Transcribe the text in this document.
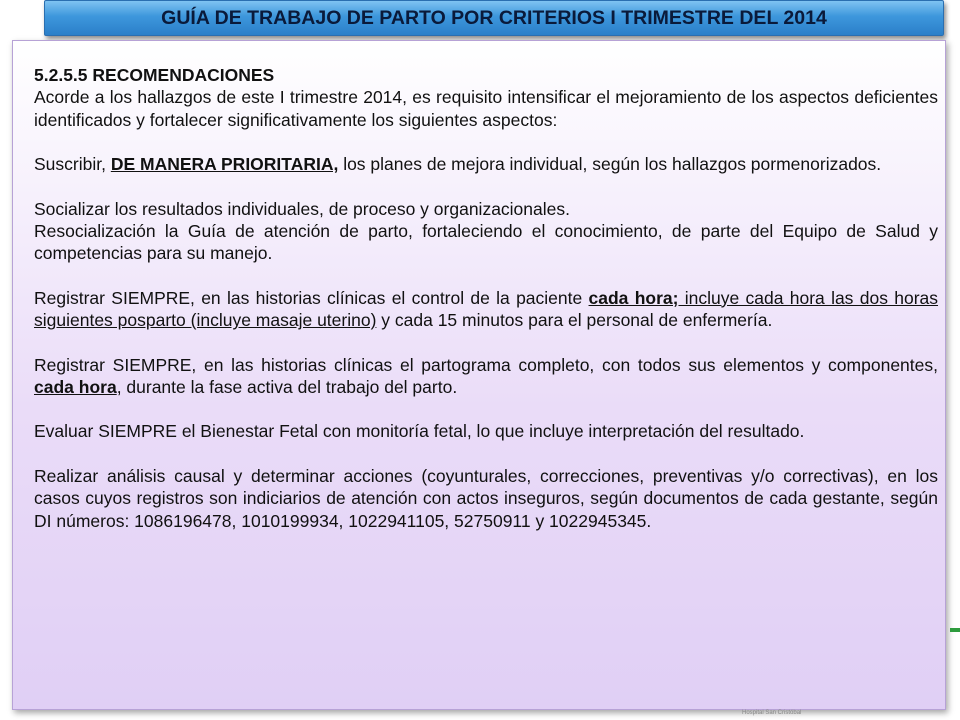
GUÍA DE TRABAJO DE PARTO POR CRITERIOS I TRIMESTRE DEL 2014

5.2.5.5 RECOMENDACIONES

Acorde a los hallazgos de este I trimestre 2014, es requisito intensificar el mejoramiento de los aspectos deficientes identificados y fortalecer significativamente los siguientes aspectos:

Suscribir, DE MANERA PRIORITARIA, los planes de mejora individual, según los hallazgos pormenorizados.

Socializar los resultados individuales, de proceso y organizacionales.

Resocialización la Guía de atención de parto, fortaleciendo el conocimiento, de parte del Equipo de Salud y competencias para su manejo.

Registrar SIEMPRE, en las historias clínicas el control de la paciente cada hora; incluye cada hora las dos horas siguientes posparto (incluye masaje uterino) y cada 15 minutos para el personal de enfermería.

Registrar SIEMPRE, en las historias clínicas el partograma completo, con todos sus elementos y componentes, cada hora, durante la fase activa del trabajo del parto.

Evaluar SIEMPRE el Bienestar Fetal con monitoría fetal, lo que incluye interpretación del resultado.

Realizar análisis causal y determinar acciones (coyunturales, correcciones, preventivas y/o correctivas), en los casos cuyos registros son indiciarios de atención con actos inseguros, según documentos de cada gestante, según DI números: 1086196478, 1010199934, 1022941105, 52750911 y 1022945345.

Hospital San Cristóbal
